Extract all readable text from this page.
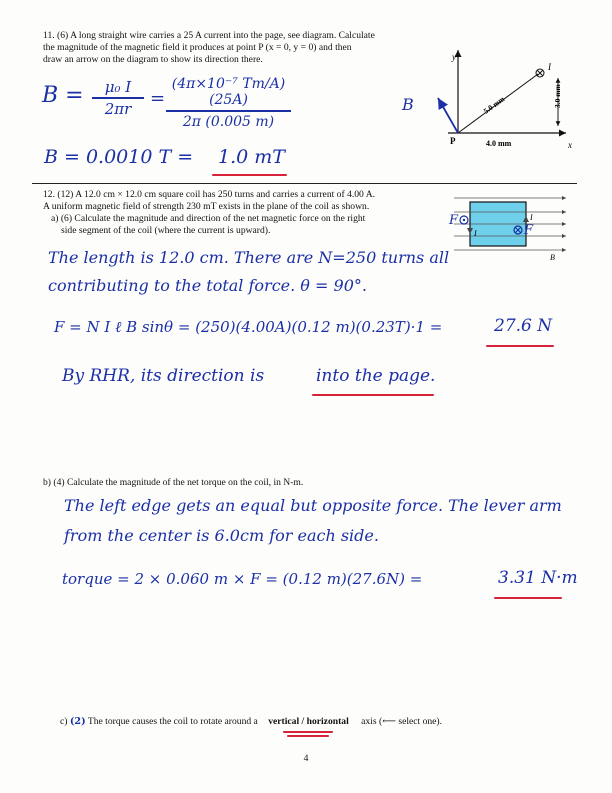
11. (6) A long straight wire carries a 25 A current into the page, see diagram. Calculate
the magnitude of the magnetic field it produces at point P (x = 0, y = 0) and then
draw an arrow on the diagram to show its direction there.
B =	μ₀ I
2πr	=
(4π×10⁻⁷ Tm/A)(25A)
2π (0.005 m)
B = 0.0010 T = 1.0 mT
y
x
P
I
5.0 mm	3.0 mm
4.0 mm
B
12. (12) A 12.0 cm × 12.0 cm square coil has 250 turns and carries a current of 4.00 A.
A uniform magnetic field of strength 230 mT exists in the plane of the coil as shown.
a) (6) Calculate the magnitude and direction of the net magnetic force on the right
side segment of the coil (where the current is upward).
F
F
I
I
B
The length is 12.0 cm. There are N=250 turns all
contributing to the total force. θ = 90°.
F = N I ℓ B sinθ = (250)(4.00A)(0.12 m)(0.23T)·1 =	27.6 N
By RHR, its direction is	into the page.
b) (4) Calculate the magnitude of the net torque on the coil, in N-m.
The left edge gets an equal but opposite force. The lever arm
from the center is 6.0cm for each side.
torque = 2 × 0.060 m × F = (0.12 m)(27.6N) =	3.31 N·m
c) (2) The torque causes the coil to rotate around a vertical / horizontal axis (⟵ select one).
4
